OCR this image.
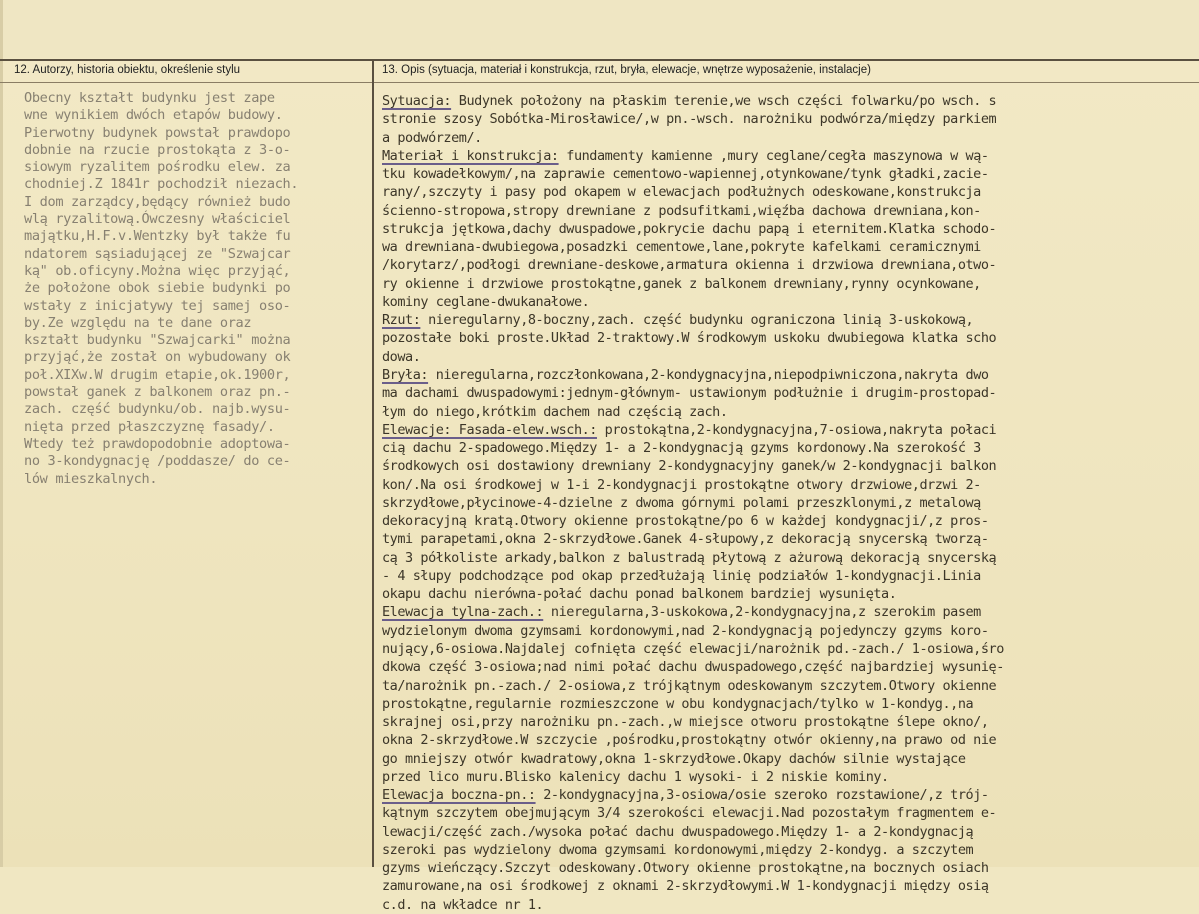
12. Autorzy, historia obiektu, określenie stylu	13. Opis (sytuacja, materiał i konstrukcja, rzut, bryła, elewacje, wnętrze wyposażenie, instalacje)
Obecny kształt budynku jest zape
wne wynikiem dwóch etapów budowy.
Pierwotny budynek powstał prawdopo
dobnie na rzucie prostokąta z 3-o-
siowym ryzalitem pośrodku elew. za
chodniej.Z 1841r pochodził niezach.
I dom zarządcy,będący również budo
wlą ryzalitową.Ówczesny właściciel
majątku,H.F.v.Wentzky był także fu
ndatorem sąsiadującej ze "Szwajcar
ką" ob.oficyny.Można więc przyjąć,
że położone obok siebie budynki po
wstały z inicjatywy tej samej oso-
by.Ze względu na te dane oraz
kształt budynku "Szwajcarki" można
przyjąć,że został on wybudowany ok
poł.XIXw.W drugim etapie,ok.1900r,
powstał ganek z balkonem oraz pn.-
zach. część budynku/ob. najb.wysu-
nięta przed płaszczyznę fasady/.
Wtedy też prawdopodobnie adoptowa-
no 3-kondygnację /poddasze/ do ce-
lów mieszkalnych.
Sytuacja: Budynek położony na płaskim terenie,we wsch części folwarku/po wsch. s
stronie szosy Sobótka-Mirosławice/,w pn.-wsch. narożniku podwórza/między parkiem
a podwórzem/.
Materiał i konstrukcja: fundamenty kamienne ,mury ceglane/cegła maszynowa w wą-
tku kowadełkowym/,na zaprawie cementowo-wapiennej,otynkowane/tynk gładki,zacie-
rany/,szczyty i pasy pod okapem w elewacjach podłużnych odeskowane,konstrukcja
ścienno-stropowa,stropy drewniane z podsufitkami,więźba dachowa drewniana,kon-
strukcja jętkowa,dachy dwuspadowe,pokrycie dachu papą i eternitem.Klatka schodo-
wa drewniana-dwubiegowa,posadzki cementowe,lane,pokryte kafelkami ceramicznymi
/korytarz/,podłogi drewniane-deskowe,armatura okienna i drzwiowa drewniana,otwo-
ry okienne i drzwiowe prostokątne,ganek z balkonem drewniany,rynny ocynkowane,
kominy ceglane-dwukanałowe.
Rzut: nieregularny,8-boczny,zach. część budynku ograniczona linią 3-uskokową,
pozostałe boki proste.Układ 2-traktowy.W środkowym uskoku dwubiegowa klatka scho
dowa.
Bryła: nieregularna,rozczłonkowana,2-kondygnacyjna,niepodpiwniczona,nakryta dwo
ma dachami dwuspadowymi:jednym-głównym- ustawionym podłużnie i drugim-prostopad-
łym do niego,krótkim dachem nad częścią zach.
Elewacje: Fasada-elew.wsch.: prostokątna,2-kondygnacyjna,7-osiowa,nakryta połaci
cią dachu 2-spadowego.Między 1- a 2-kondygnacją gzyms kordonowy.Na szerokość 3
środkowych osi dostawiony drewniany 2-kondygnacyjny ganek/w 2-kondygnacji balkon
kon/.Na osi środkowej w 1-i 2-kondygnacji prostokątne otwory drzwiowe,drzwi 2-
skrzydłowe,płycinowe-4-dzielne z dwoma górnymi polami przeszklonymi,z metalową
dekoracyjną kratą.Otwory okienne prostokątne/po 6 w każdej kondygnacji/,z pros-
tymi parapetami,okna 2-skrzydłowe.Ganek 4-słupowy,z dekoracją snycerską tworzą-
cą 3 półkoliste arkady,balkon z balustradą płytową z ażurową dekoracją snycerską
- 4 słupy podchodzące pod okap przedłużają linię podziałów 1-kondygnacji.Linia
okapu dachu nierówna-połać dachu ponad balkonem bardziej wysunięta.
Elewacja tylna-zach.: nieregularna,3-uskokowa,2-kondygnacyjna,z szerokim pasem
wydzielonym dwoma gzymsami kordonowymi,nad 2-kondygnacją pojedynczy gzyms koro-
nujący,6-osiowa.Najdalej cofnięta część elewacji/narożnik pd.-zach./ 1-osiowa,śro
dkowa część 3-osiowa;nad nimi połać dachu dwuspadowego,część najbardziej wysunię-
ta/narożnik pn.-zach./ 2-osiowa,z trójkątnym odeskowanym szczytem.Otwory okienne
prostokątne,regularnie rozmieszczone w obu kondygnacjach/tylko w 1-kondyg.,na
skrajnej osi,przy narożniku pn.-zach.,w miejsce otworu prostokątne ślepe okno/,
okna 2-skrzydłowe.W szczycie ,pośrodku,prostokątny otwór okienny,na prawo od nie
go mniejszy otwór kwadratowy,okna 1-skrzydłowe.Okapy dachów silnie wystające
przed lico muru.Blisko kalenicy dachu 1 wysoki- i 2 niskie kominy.
Elewacja boczna-pn.: 2-kondygnacyjna,3-osiowa/osie szeroko rozstawione/,z trój-
kątnym szczytem obejmującym 3/4 szerokości elewacji.Nad pozostałym fragmentem e-
lewacji/część zach./wysoka połać dachu dwuspadowego.Między 1- a 2-kondygnacją
szeroki pas wydzielony dwoma gzymsami kordonowymi,między 2-kondyg. a szczytem
gzyms wieńczący.Szczyt odeskowany.Otwory okienne prostokątne,na bocznych osiach
zamurowane,na osi środkowej z oknami 2-skrzydłowymi.W 1-kondygnacji między osią
c.d. na wkładce nr 1.
